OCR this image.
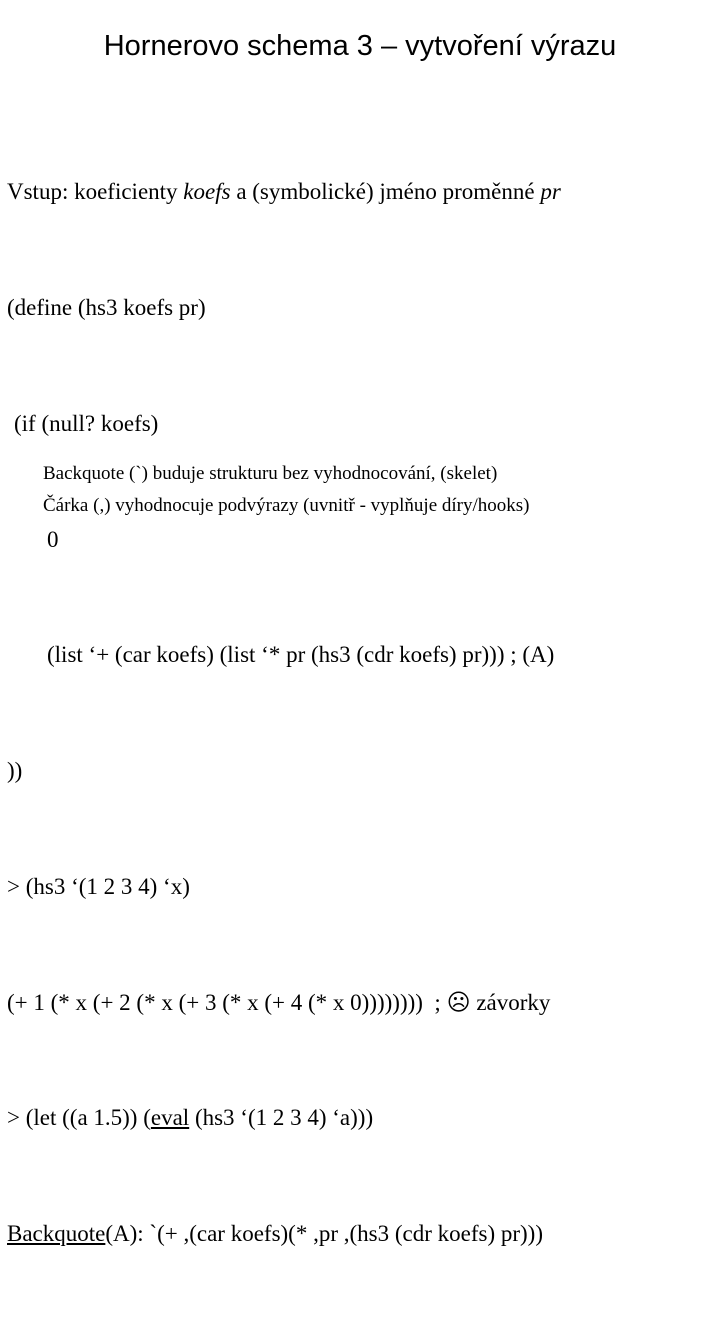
Hornerovo schema 3 – vytvoření výrazu

Vstup: koeficienty koefs a (symbolické) jméno proměnné pr

(define (hs3 koefs pr)

(if (null? koefs)

0

(list ‘+ (car koefs) (list ‘* pr (hs3 (cdr koefs) pr))) ; (A)

))

> (hs3 ‘(1 2 3 4) ‘x)

(+ 1 (* x (+ 2 (* x (+ 3 (* x (+ 4 (* x 0))))))))  ; ☹ závorky

> (let ((a 1.5)) (eval (hs3 ‘(1 2 3 4) ‘a)))

Backquote(A): `(+ ,(car koefs)(* ,pr ,(hs3 (cdr koefs) pr)))

Backquote (`) buduje strukturu bez vyhodnocování, (skelet)
Čárka (,) vyhodnocuje podvýrazy (uvnitř - vyplňuje díry/hooks)
